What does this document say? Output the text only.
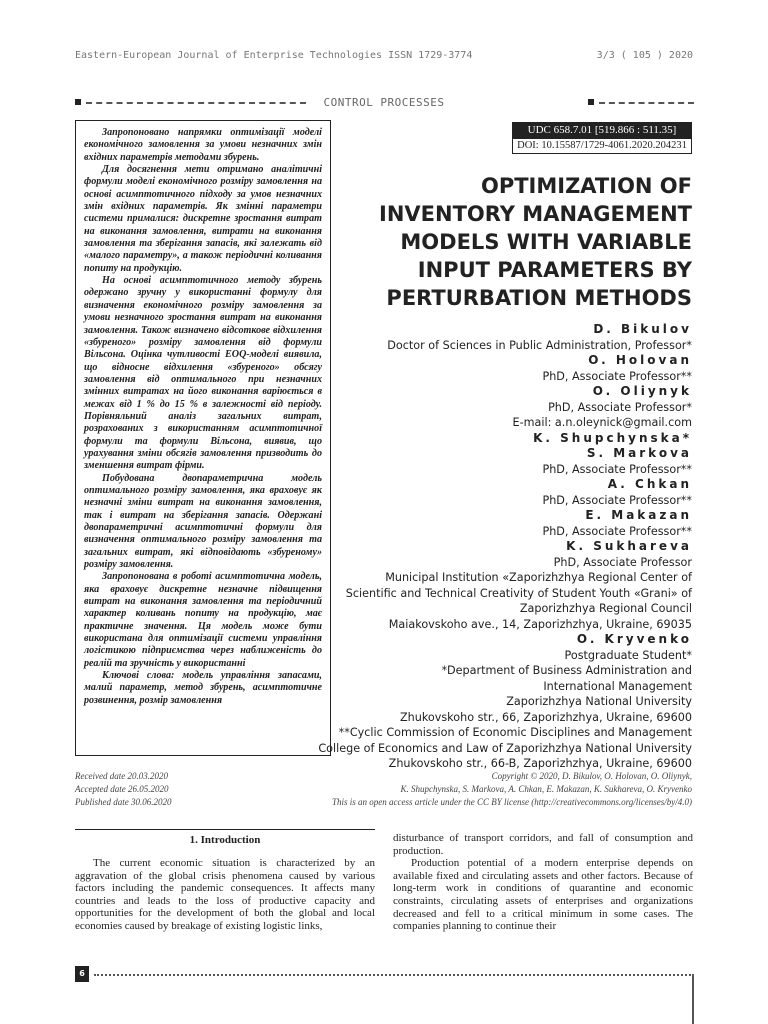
Eastern-European Journal of Enterprise Technologies ISSN 1729-3774	3/3 ( 105 ) 2020
CONTROL PROCESSES

Запропоновано напрямки оптимізації моделі економічного замовлення за умови незначних змін вхідних параметрів методами збурень.

Для досягнення мети отримано аналітичні формули моделі економічного розміру замовлення на основі асимптотичного підходу за умов незначних змін вхідних параметрів. Як змінні параметри системи прималися: дискретне зростання витрат на виконання замовлення, витрати на виконання замовлення та зберігання запасів, які залежать від «малого параметру», а також періодичні коливання попиту на продукцію.

На основі асимптотичного методу збурень одержано зручну у використанні формулу для визначення економічного розміру замовлення за умови незначного зростання витрат на виконання замовлення. Також визначено відсоткове відхилення «збуреного» розміру замовлення від формули Вільсона. Оцінка чутливості EOQ-моделі виявила, що відносне відхилення «збуреного» обсягу замовлення від оптимального при незначних змінних витратах на його виконання варіюється в межах від 1 % до 15 % в залежності від періоду. Порівняльний аналіз загальних витрат, розрахованих з використанням асимптотичної формули та формули Вільсона, виявив, що урахування зміни обсягів замовлення призводить до зменшення витрат фірми.

Побудована двопараметрична модель оптимального розміру замовлення, яка враховує як незначні зміни витрат на виконання замовлення, так і витрат на зберігання запасів. Одержані двопараметричні асимптотичні формули для визначення оптимального розміру замовлення та загальних витрат, які відповідають «збуреному» розміру замовлення.

Запропонована в роботі асимптотична модель, яка враховує дискретне незначне підвищення витрат на виконання замовлення та періодичний характер коливань попиту на продукцію, має практичне значення. Ця модель може бути використана для оптимізації системи управління логістикою підприємства через наближеність до реалій та зручність у використанні

Ключові слова: модель управління запасами, малий параметр, метод збурень, асимптотичне розвинення, розмір замовлення

UDC 658.7.01 [519.866 : 511.35]
DOI: 10.15587/1729-4061.2020.204231
OPTIMIZATION OF
INVENTORY MANAGEMENT
MODELS WITH VARIABLE
INPUT PARAMETERS BY
PERTURBATION METHODS
D. Bikulov
Doctor of Sciences in Public Administration, Professor*
O. Holovan
PhD, Associate Professor**
O. Oliynyk
PhD, Associate Professor*
E-mail: a.n.oleynick@gmail.com
K. Shupchynska*
S. Markova
PhD, Associate Professor**
A. Chkan
PhD, Associate Professor**
E. Makazan
PhD, Associate Professor**
K. Sukhareva
PhD, Associate Professor
Municipal Institution «Zaporizhzhya Regional Center of
Scientific and Technical Creativity of Student Youth «Grani» of
Zaporizhzhya Regional Council
Maiakovskoho ave., 14, Zaporizhzhya, Ukraine, 69035
O. Kryvenko
Postgraduate Student*
*Department of Business Administration and
International Management
Zaporizhzhya National University
Zhukovskoho str., 66, Zaporizhzhya, Ukraine, 69600
**Cyclic Commission of Economic Disciplines and Management
College of Economics and Law of Zaporizhzhya National University
Zhukovskoho str., 66-B, Zaporizhzhya, Ukraine, 69600
Received date 20.03.2020
Accepted date 26.05.2020
Published date 30.06.2020
Copyright © 2020, D. Bikulov, O. Holovan, O. Oliynyk,
K. Shupchynska, S. Markova, A. Chkan, E. Makazan, K. Sukhareva, O. Kryvenko
This is an open access article under the CC BY license (http://creativecommons.org/licenses/by/4.0)
1. Introduction

The current economic situation is characterized by an aggravation of the global crisis phenomena caused by various factors including the pandemic consequences. It affects many countries and leads to the loss of productive capacity and opportunities for the development of both the global and local economies caused by breakage of existing logistic links,

disturbance of transport corridors, and fall of consumption and production.

Production potential of a modern enterprise depends on available fixed and circulating assets and other factors. Because of long-term work in conditions of quarantine and economic constraints, circulating assets of enterprises and organizations decreased and fell to a critical minimum in some cases. The companies planning to continue their

6
